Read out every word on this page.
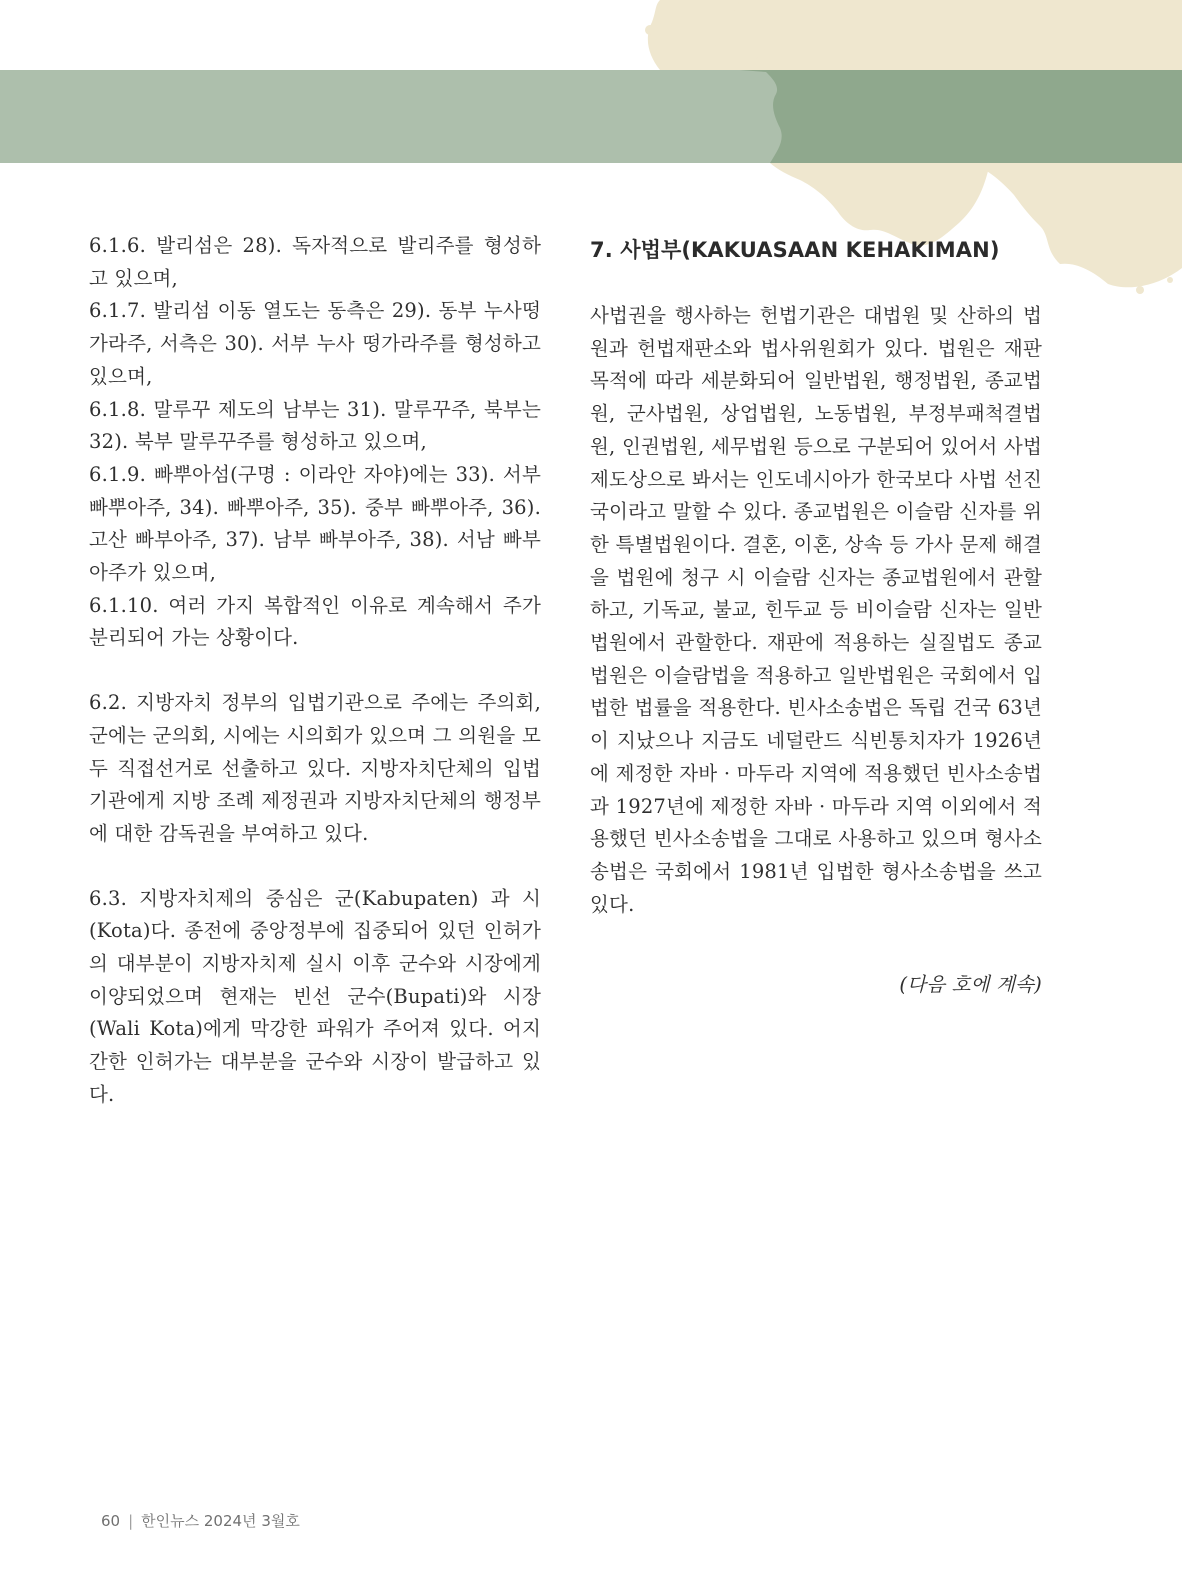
6.1.6. 발리섬은 28). 독자적으로 발리주를 형성하고 있으며,

6.1.7. 발리섬 이동 열도는 동측은 29). 동부 누사떵가라주, 서측은 30). 서부 누사 떵가라주를 형성하고 있으며,

6.1.8. 말루꾸 제도의 남부는 31). 말루꾸주, 북부는 32). 북부 말루꾸주를 형성하고 있으며,

6.1.9. 빠뿌아섬(구명 : 이라안 자야)에는 33). 서부 빠뿌아주, 34). 빠뿌아주, 35). 중부 빠뿌아주, 36). 고산 빠부아주, 37). 남부 빠부아주, 38). 서남 빠부아주가 있으며,

6.1.10. 여러 가지 복합적인 이유로 계속해서 주가 분리되어 가는 상황이다.

6.2. 지방자치 정부의 입법기관으로 주에는 주의회, 군에는 군의회, 시에는 시의회가 있으며 그 의원을 모두 직접선거로 선출하고 있다. 지방자치단체의 입법기관에게 지방 조례 제정권과 지방자치단체의 행정부에 대한 감독권을 부여하고 있다.

6.3. 지방자치제의 중심은 군(Kabupaten) 과 시(Kota)다. 종전에 중앙정부에 집중되어 있던 인허가의 대부분이 지방자치제 실시 이후 군수와 시장에게 이양되었으며 현재는 빈선 군수(Bupati)와 시장(Wali Kota)에게 막강한 파워가 주어져 있다. 어지간한 인허가는 대부분을 군수와 시장이 발급하고 있다.

7. 사법부(KAKUASAAN KEHAKIMAN)

사법권을 행사하는 헌법기관은 대법원 및 산하의 법원과 헌법재판소와 법사위원회가 있다. 법원은 재판 목적에 따라 세분화되어 일반법원, 행정법원, 종교법원, 군사법원, 상업법원, 노동법원, 부정부패척결법원, 인권법원, 세무법원 등으로 구분되어 있어서 사법 제도상으로 봐서는 인도네시아가 한국보다 사법 선진국이라고 말할 수 있다. 종교법원은 이슬람 신자를 위한 특별법원이다. 결혼, 이혼, 상속 등 가사 문제 해결을 법원에 청구 시 이슬람 신자는 종교법원에서 관할하고, 기독교, 불교, 힌두교 등 비이슬람 신자는 일반법원에서 관할한다. 재판에 적용하는 실질법도 종교법원은 이슬람법을 적용하고 일반법원은 국회에서 입법한 법률을 적용한다. 빈사소송법은 독립 건국 63년이 지났으나 지금도 네덜란드 식빈통치자가 1926년에 제정한 자바 · 마두라 지역에 적용했던 빈사소송법과 1927년에 제정한 자바 · 마두라 지역 이외에서 적용했던 빈사소송법을 그대로 사용하고 있으며 형사소송법은 국회에서 1981년 입법한 형사소송법을 쓰고 있다.

(다음 호에 계속)

60 | 한인뉴스 2024년 3월호
